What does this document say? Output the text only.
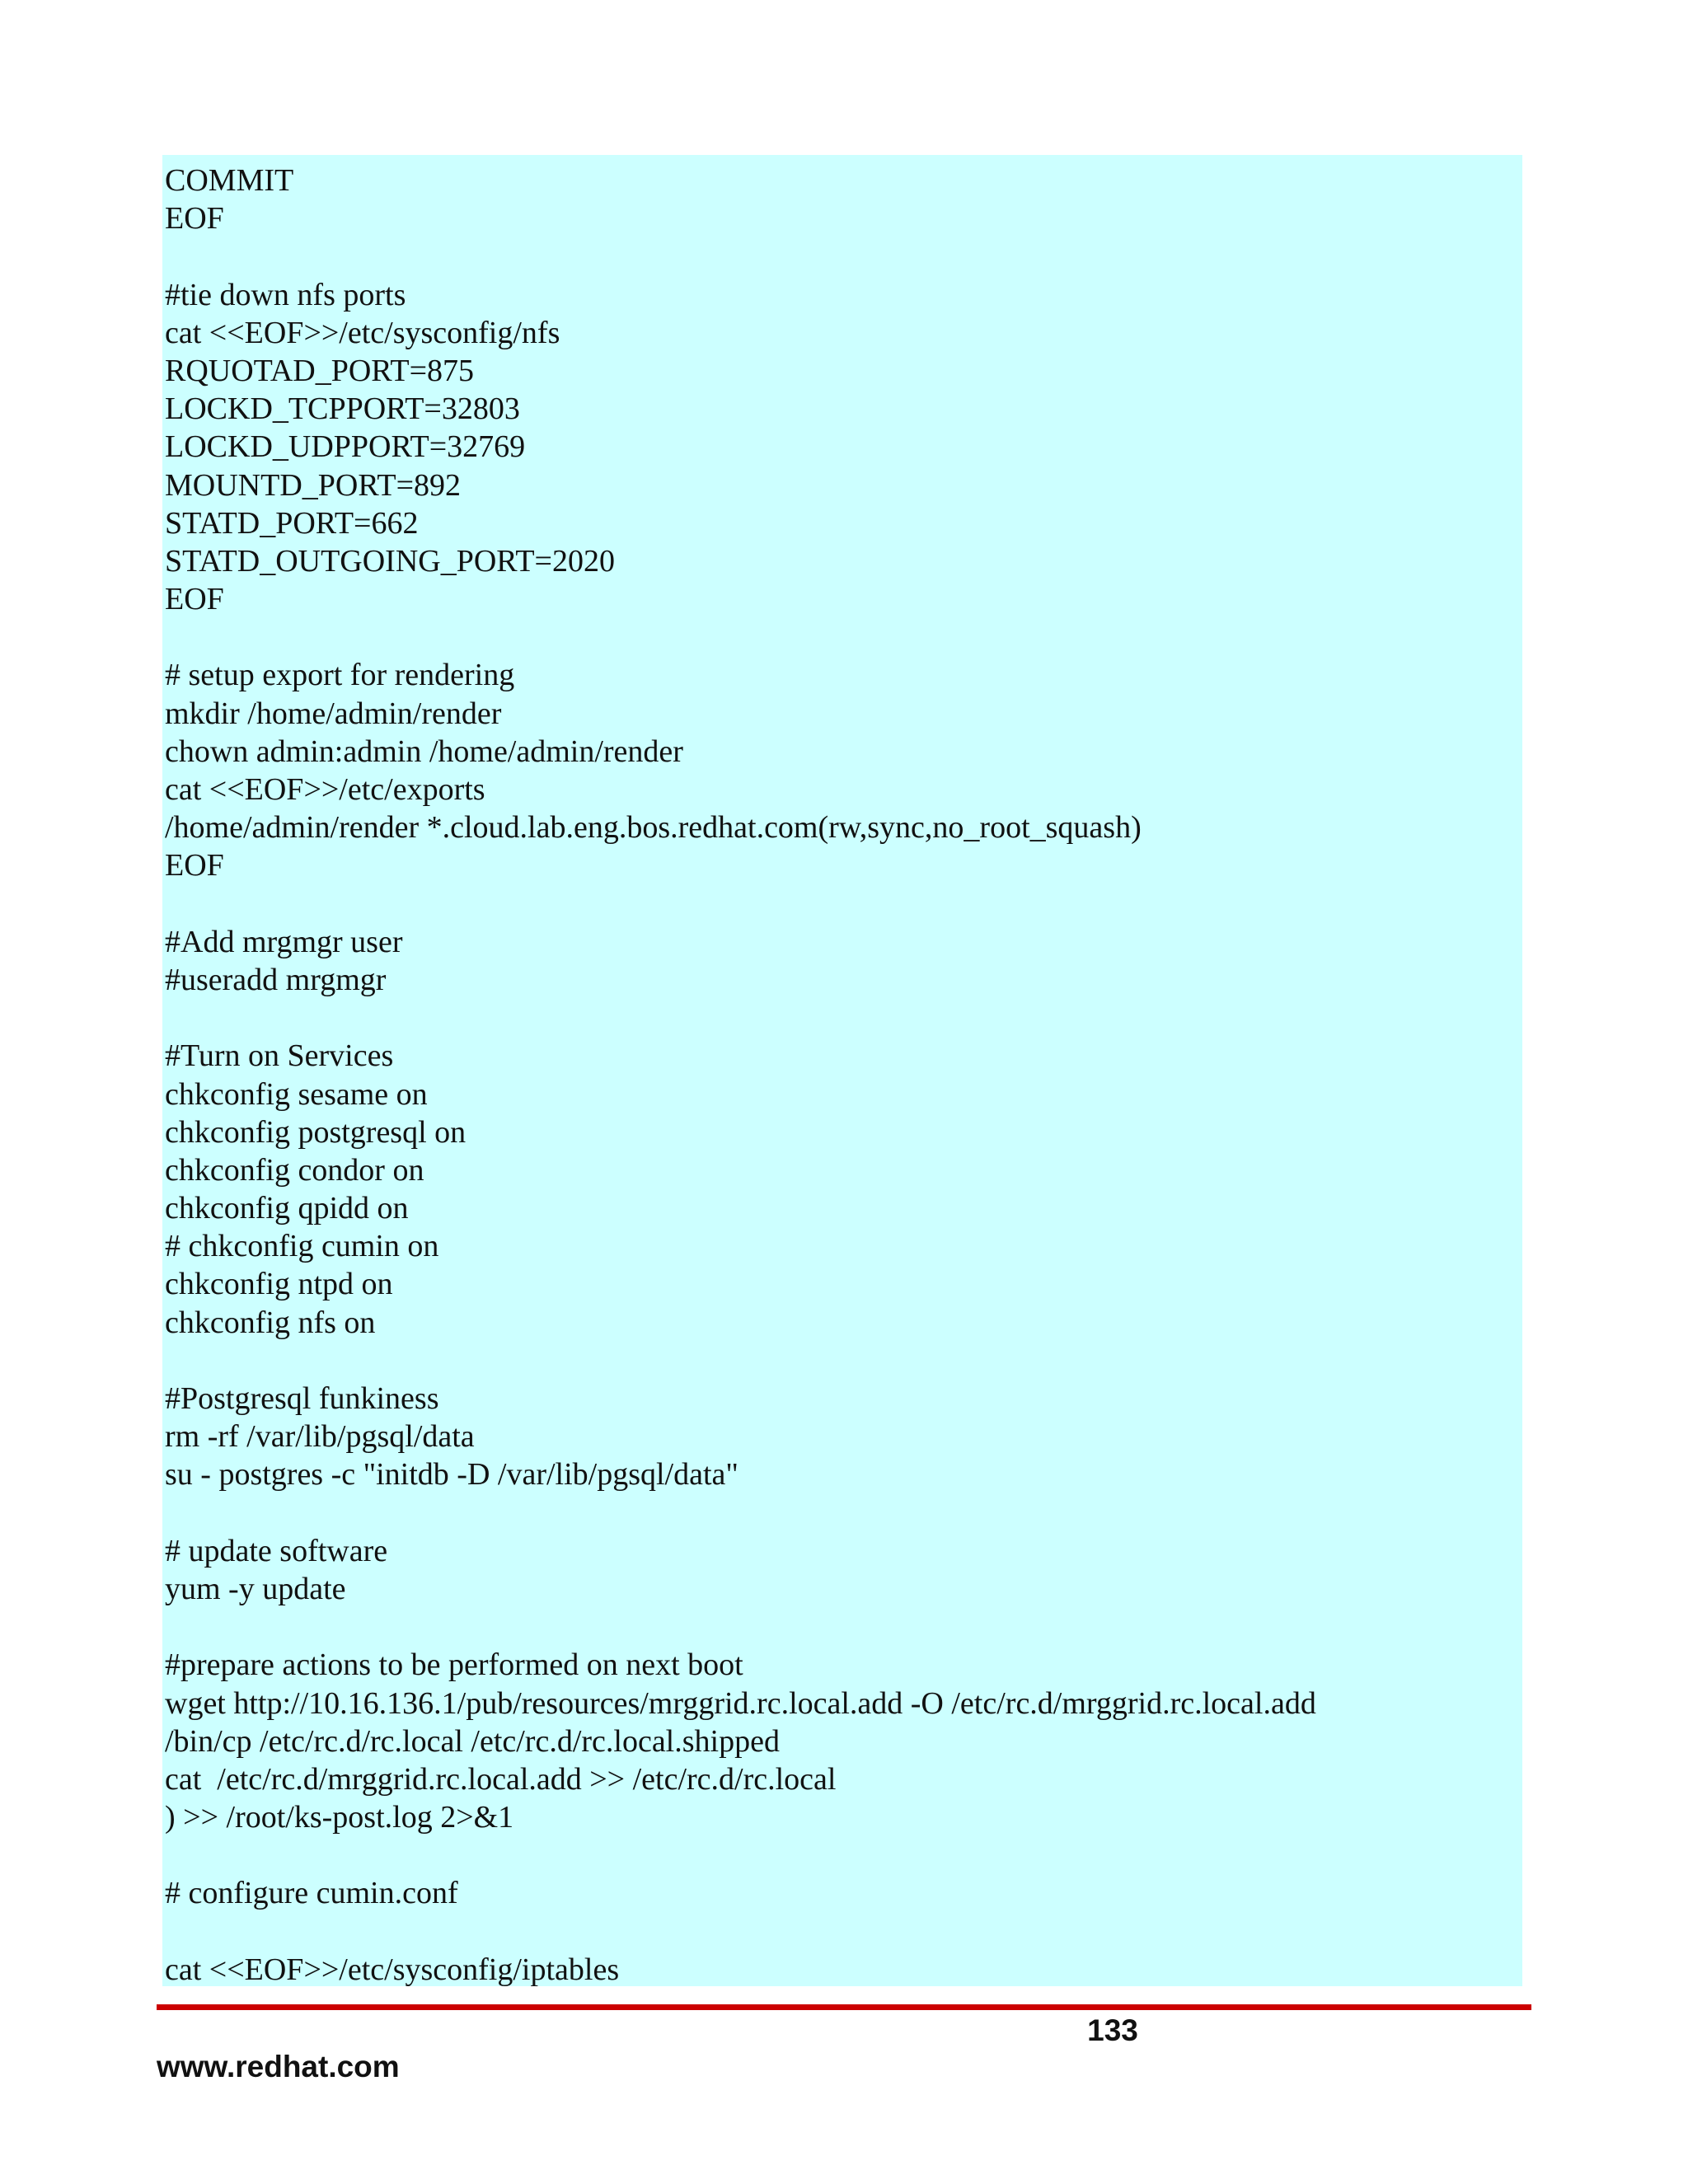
COMMIT
EOF
#tie down nfs ports
cat <<EOF>>/etc/sysconfig/nfs
RQUOTAD_PORT=875
LOCKD_TCPPORT=32803
LOCKD_UDPPORT=32769
MOUNTD_PORT=892
STATD_PORT=662
STATD_OUTGOING_PORT=2020
EOF
# setup export for rendering
mkdir /home/admin/render
chown admin:admin /home/admin/render
cat <<EOF>>/etc/exports
/home/admin/render *.cloud.lab.eng.bos.redhat.com(rw,sync,no_root_squash)
EOF
#Add mrgmgr user
#useradd mrgmgr
#Turn on Services
chkconfig sesame on
chkconfig postgresql on
chkconfig condor on
chkconfig qpidd on
# chkconfig cumin on
chkconfig ntpd on
chkconfig nfs on
#Postgresql funkiness
rm -rf /var/lib/pgsql/data
su - postgres -c "initdb -D /var/lib/pgsql/data"
# update software
yum -y update
#prepare actions to be performed on next boot
wget http://10.16.136.1/pub/resources/mrggrid.rc.local.add -O /etc/rc.d/mrggrid.rc.local.add
/bin/cp /etc/rc.d/rc.local /etc/rc.d/rc.local.shipped
cat  /etc/rc.d/mrggrid.rc.local.add >> /etc/rc.d/rc.local
) >> /root/ks-post.log 2>&1
# configure cumin.conf
cat <<EOF>>/etc/sysconfig/iptables
133
www.redhat.com
